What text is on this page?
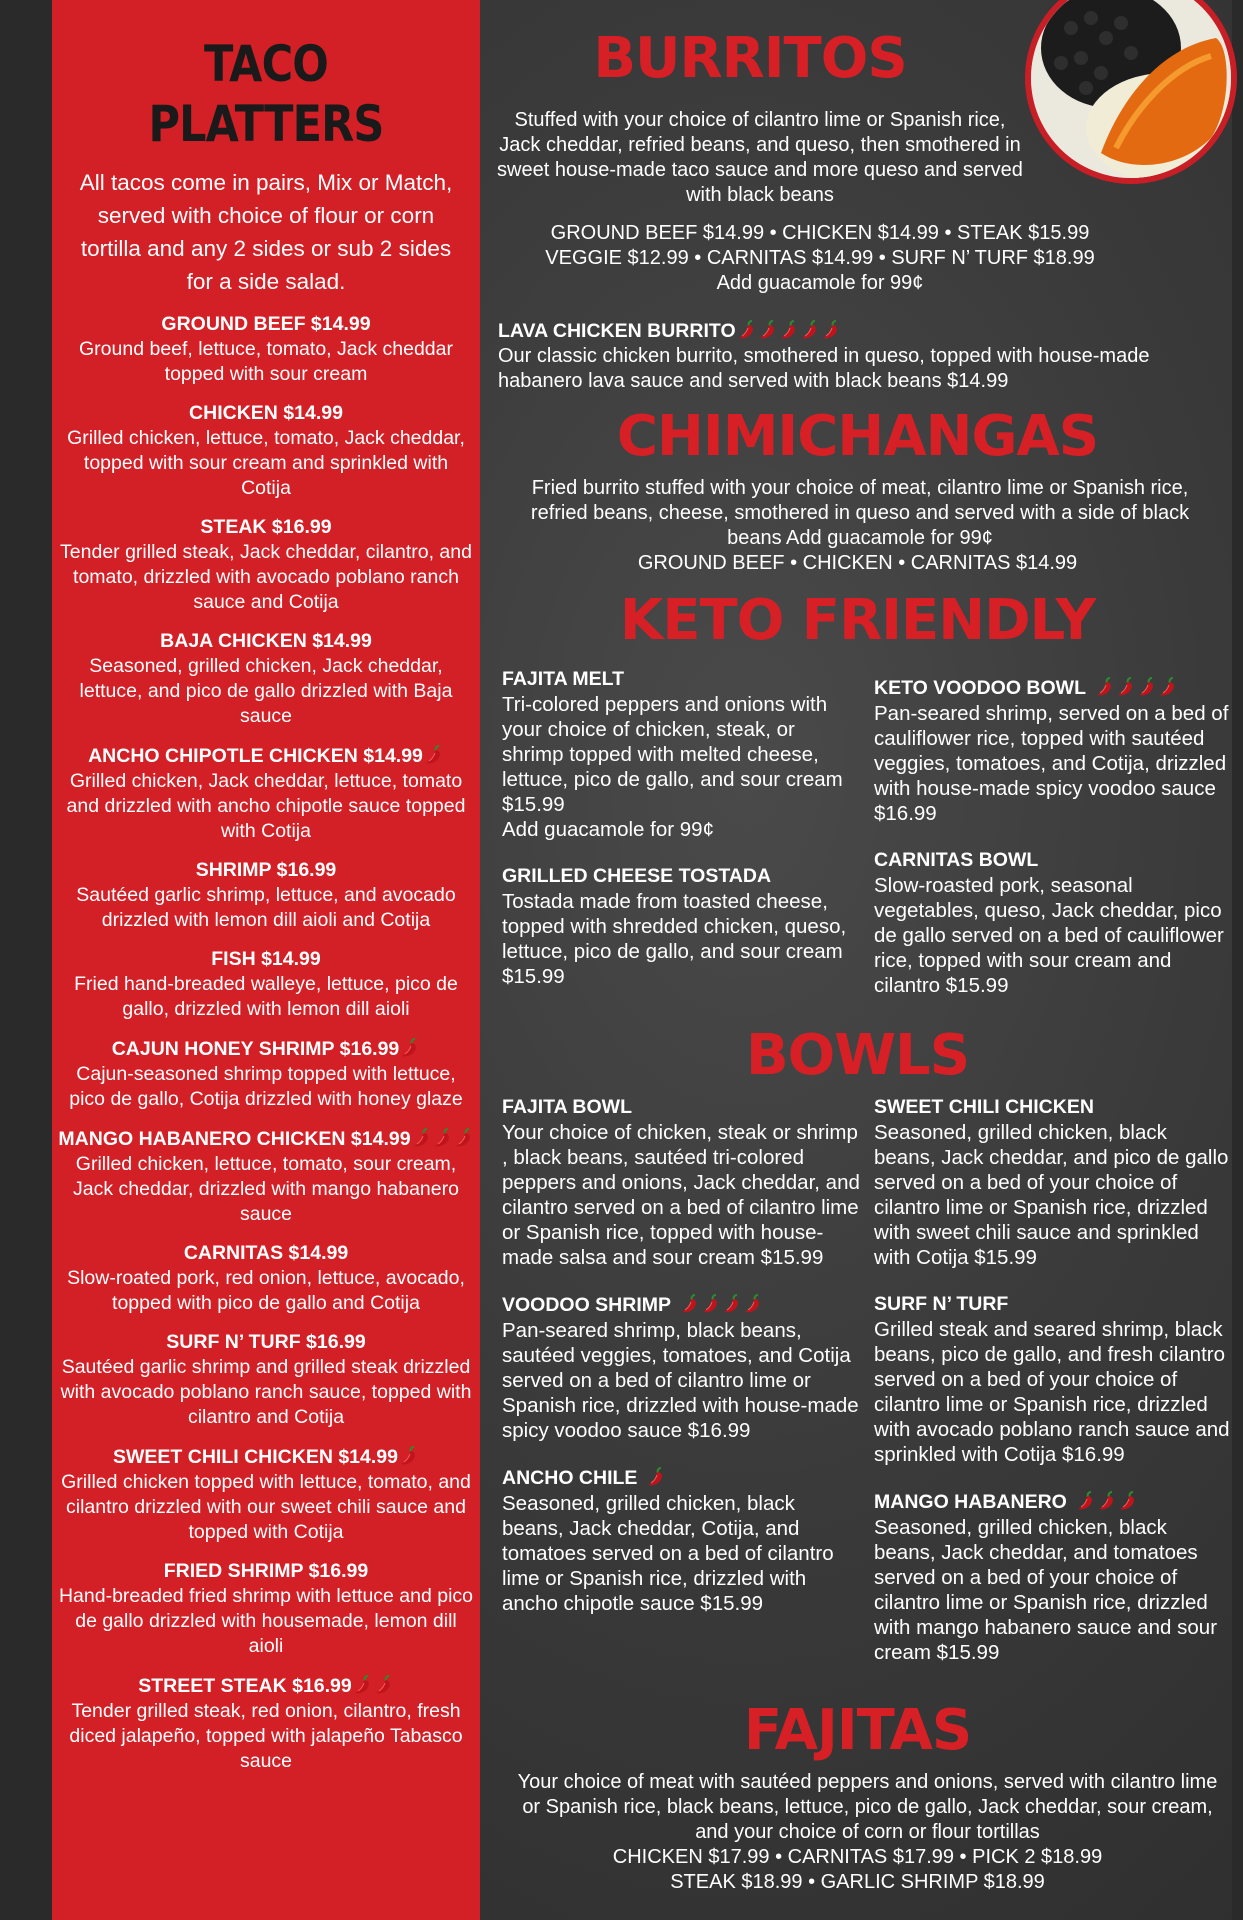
TACO PLATTERS
All tacos come in pairs, Mix or Match, served with choice of flour or corn tortilla and any 2 sides or sub 2 sides for a side salad.
GROUND BEEF $14.99
Ground beef, lettuce, tomato, Jack cheddar topped with sour cream
CHICKEN $14.99
Grilled chicken, lettuce, tomato, Jack cheddar, topped with sour cream and sprinkled with Cotija
STEAK $16.99
Tender grilled steak, Jack cheddar, cilantro, and tomato, drizzled with avocado poblano ranch sauce and Cotija
BAJA CHICKEN $14.99
Seasoned, grilled chicken, Jack cheddar, lettuce, and pico de gallo drizzled with Baja sauce
ANCHO CHIPOTLE CHICKEN $14.99
Grilled chicken, Jack cheddar, lettuce, tomato and drizzled with ancho chipotle sauce topped with Cotija
SHRIMP $16.99
Sautéed garlic shrimp, lettuce, and avocado drizzled with lemon dill aioli and Cotija
FISH $14.99
Fried hand-breaded walleye, lettuce, pico de gallo, drizzled with lemon dill aioli
CAJUN HONEY SHRIMP $16.99
Cajun-seasoned shrimp topped with lettuce, pico de gallo, Cotija drizzled with honey glaze
MANGO HABANERO CHICKEN $14.99
Grilled chicken, lettuce, tomato, sour cream, Jack cheddar, drizzled with mango habanero sauce
CARNITAS $14.99
Slow-roated pork, red onion, lettuce, avocado, topped with pico de gallo and Cotija
SURF N’ TURF $16.99
Sautéed garlic shrimp and grilled steak drizzled with avocado poblano ranch sauce, topped with cilantro and Cotija
SWEET CHILI CHICKEN $14.99
Grilled chicken topped with lettuce, tomato, and cilantro drizzled with our sweet chili sauce and topped with Cotija
FRIED SHRIMP $16.99
Hand-breaded fried shrimp with lettuce and pico de gallo drizzled with housemade, lemon dill aioli
STREET STEAK $16.99
Tender grilled steak, red onion, cilantro, fresh diced jalapeño, topped with jalapeño Tabasco sauce
BURRITOS
Stuffed with your choice of cilantro lime or Spanish rice, Jack cheddar, refried beans, and queso, then smothered in sweet house-made taco sauce and more queso and served with black beans
GROUND BEEF $14.99 • CHICKEN $14.99 • STEAK $15.99
VEGGIE $12.99 • CARNITAS $14.99 • SURF N’ TURF $18.99
Add guacamole for 99¢
LAVA CHICKEN BURRITO
Our classic chicken burrito, smothered in queso, topped with house-made habanero lava sauce and served with black beans $14.99
CHIMICHANGAS
Fried burrito stuffed with your choice of meat, cilantro lime or Spanish rice, refried beans, cheese, smothered in queso and served with a side of black beans Add guacamole for 99¢
GROUND BEEF • CHICKEN • CARNITAS $14.99
KETO FRIENDLY
FAJITA MELT
Tri-colored peppers and onions with your choice of chicken, steak, or shrimp topped with melted cheese, lettuce, pico de gallo, and sour cream $15.99
Add guacamole for 99¢
GRILLED CHEESE TOSTADA
Tostada made from toasted cheese, topped with shredded chicken, queso, lettuce, pico de gallo, and sour cream $15.99
KETO VOODOO BOWL
Pan-seared shrimp, served on a bed of cauliflower rice, topped with sautéed veggies, tomatoes, and Cotija, drizzled with house-made spicy voodoo sauce $16.99
CARNITAS BOWL
Slow-roasted pork, seasonal vegetables, queso, Jack cheddar, pico de gallo served on a bed of cauliflower rice, topped with sour cream and cilantro $15.99
BOWLS
FAJITA BOWL
Your choice of chicken, steak or shrimp , black beans, sautéed tri-colored peppers and onions, Jack cheddar, and cilantro served on a bed of cilantro lime or Spanish rice, topped with house-made salsa and sour cream $15.99
VOODOO SHRIMP
Pan-seared shrimp, black beans, sautéed veggies, tomatoes, and Cotija served on a bed of cilantro lime or Spanish rice, drizzled with house-made spicy voodoo sauce $16.99
ANCHO CHILE
Seasoned, grilled chicken, black beans, Jack cheddar, Cotija, and tomatoes served on a bed of cilantro lime or Spanish rice, drizzled with ancho chipotle sauce $15.99
SWEET CHILI CHICKEN
Seasoned, grilled chicken, black beans, Jack cheddar, and pico de gallo served on a bed of your choice of cilantro lime or Spanish rice, drizzled with sweet chili sauce and sprinkled with Cotija $15.99
SURF N’ TURF
Grilled steak and seared shrimp, black beans, pico de gallo, and fresh cilantro served on a bed of your choice of cilantro lime or Spanish rice, drizzled with avocado poblano ranch sauce and sprinkled with Cotija $16.99
MANGO HABANERO
Seasoned, grilled chicken, black beans, Jack cheddar, and tomatoes served on a bed of your choice of cilantro lime or Spanish rice, drizzled with mango habanero sauce and sour cream $15.99
FAJITAS
Your choice of meat with sautéed peppers and onions, served with cilantro lime or Spanish rice, black beans, lettuce, pico de gallo, Jack cheddar, sour cream, and your choice of corn or flour tortillas
CHICKEN $17.99 • CARNITAS $17.99 • PICK 2 $18.99
STEAK $18.99 • GARLIC SHRIMP $18.99
